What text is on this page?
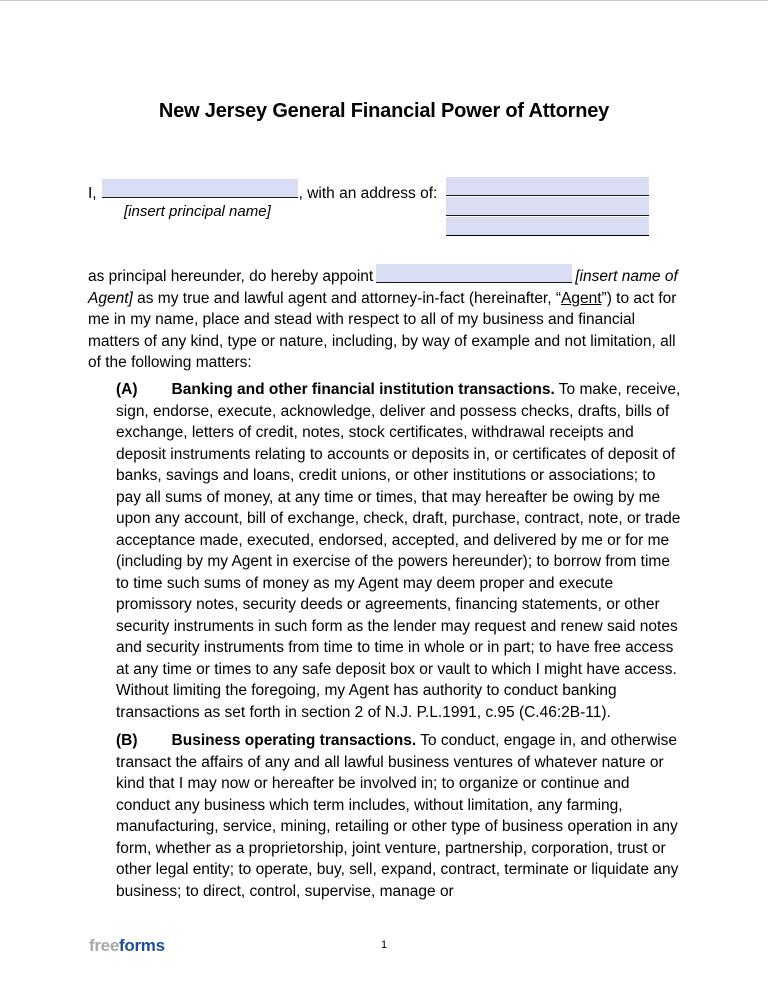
New Jersey General Financial Power of Attorney
I,	, with an address of:
[insert principal name]
as principal hereunder, do hereby appoint	[insert name of Agent] as my true and lawful agent and attorney-in-fact (hereinafter, “Agent”) to act for me in my name, place and stead with respect to all of my business and financial matters of any kind, type or nature, including, by way of example and not limitation, all of the following matters:
(A) Banking and other financial institution transactions. To make, receive, sign, endorse, execute, acknowledge, deliver and possess checks, drafts, bills of exchange, letters of credit, notes, stock certificates, withdrawal receipts and deposit instruments relating to accounts or deposits in, or certificates of deposit of banks, savings and loans, credit unions, or other institutions or associations; to pay all sums of money, at any time or times, that may hereafter be owing by me upon any account, bill of exchange, check, draft, purchase, contract, note, or trade acceptance made, executed, endorsed, accepted, and delivered by me or for me (including by my Agent in exercise of the powers hereunder); to borrow from time to time such sums of money as my Agent may deem proper and execute promissory notes, security deeds or agreements, financing statements, or other security instruments in such form as the lender may request and renew said notes and security instruments from time to time in whole or in part; to have free access at any time or times to any safe deposit box or vault to which I might have access. Without limiting the foregoing, my Agent has authority to conduct banking transactions as set forth in section 2 of N.J. P.L.1991, c.95 (C.46:2B-11).
(B) Business operating transactions. To conduct, engage in, and otherwise transact the affairs of any and all lawful business ventures of whatever nature or kind that I may now or hereafter be involved in; to organize or continue and conduct any business which term includes, without limitation, any farming, manufacturing, service, mining, retailing or other type of business operation in any form, whether as a proprietorship, joint venture, partnership, corporation, trust or other legal entity; to operate, buy, sell, expand, contract, terminate or liquidate any business; to direct, control, supervise, manage or
freeforms	1
